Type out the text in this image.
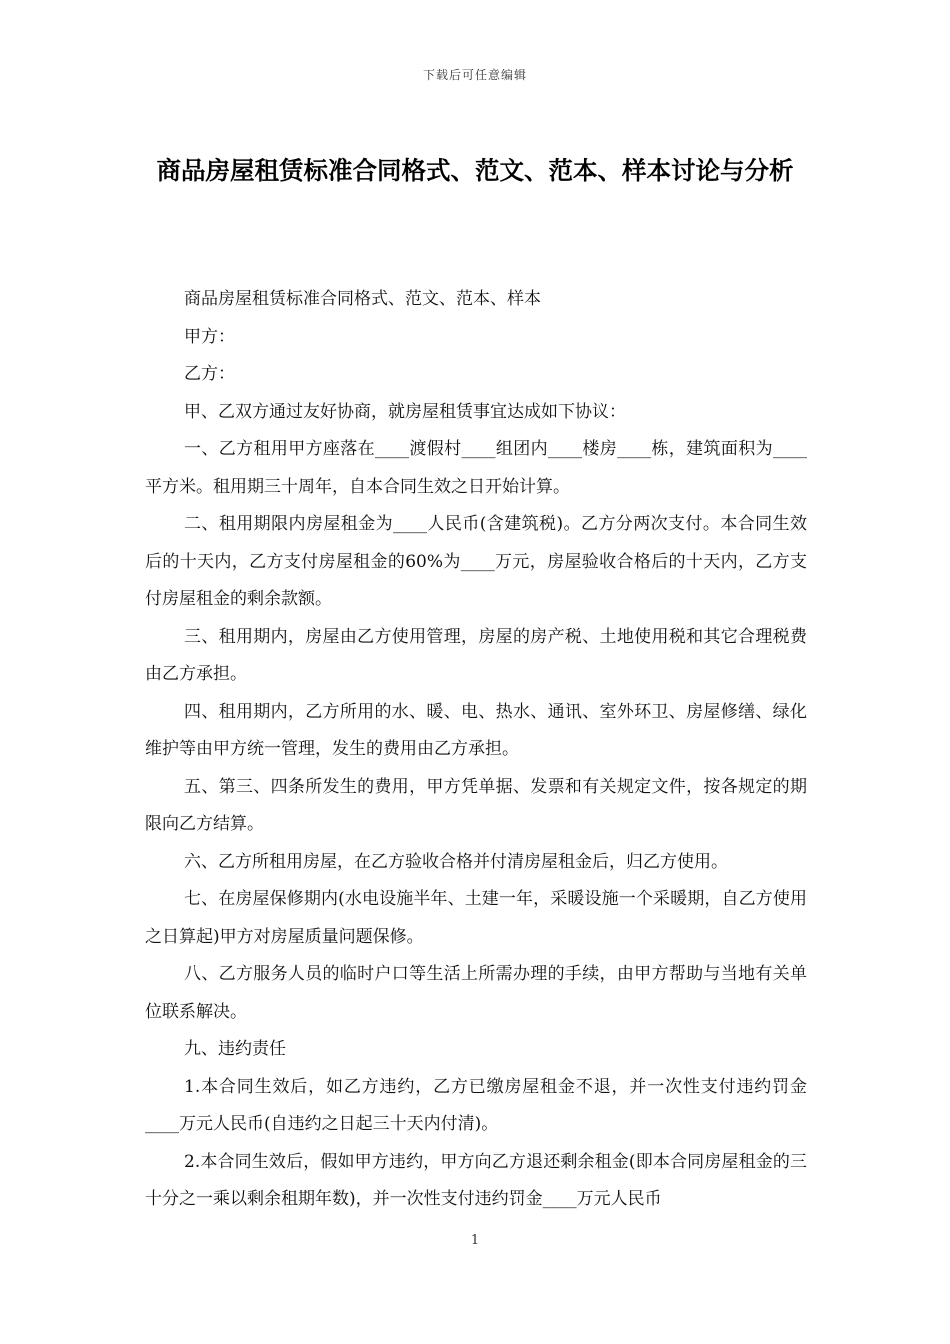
下载后可任意编辑
商品房屋租赁标准合同格式、范文、范本、样本讨论与分析

商品房屋租赁标准合同格式、范文、范本、样本

甲方：

乙方：

甲、乙双方通过友好协商，就房屋租赁事宜达成如下协议：

一、乙方租用甲方座落在____渡假村____组团内____楼房____栋，建筑面积为____平方米。租用期三十周年，自本合同生效之日开始计算。

二、租用期限内房屋租金为____人民币(含建筑税)。乙方分两次支付。本合同生效后的十天内，乙方支付房屋租金的60%为____万元，房屋验收合格后的十天内，乙方支付房屋租金的剩余款额。

三、租用期内，房屋由乙方使用管理，房屋的房产税、土地使用税和其它合理税费由乙方承担。

四、租用期内，乙方所用的水、暖、电、热水、通讯、室外环卫、房屋修缮、绿化维护等由甲方统一管理，发生的费用由乙方承担。

五、第三、四条所发生的费用，甲方凭单据、发票和有关规定文件，按各规定的期限向乙方结算。

六、乙方所租用房屋，在乙方验收合格并付清房屋租金后，归乙方使用。

七、在房屋保修期内(水电设施半年、土建一年，采暖设施一个采暖期，自乙方使用之日算起)甲方对房屋质量问题保修。

八、乙方服务人员的临时户口等生活上所需办理的手续，由甲方帮助与当地有关单位联系解决。

九、违约责任

1.本合同生效后，如乙方违约，乙方已缴房屋租金不退，并一次性支付违约罚金____万元人民币(自违约之日起三十天内付清)。

2.本合同生效后，假如甲方违约，甲方向乙方退还剩余租金(即本合同房屋租金的三十分之一乘以剩余租期年数)，并一次性支付违约罚金____万元人民币

1
